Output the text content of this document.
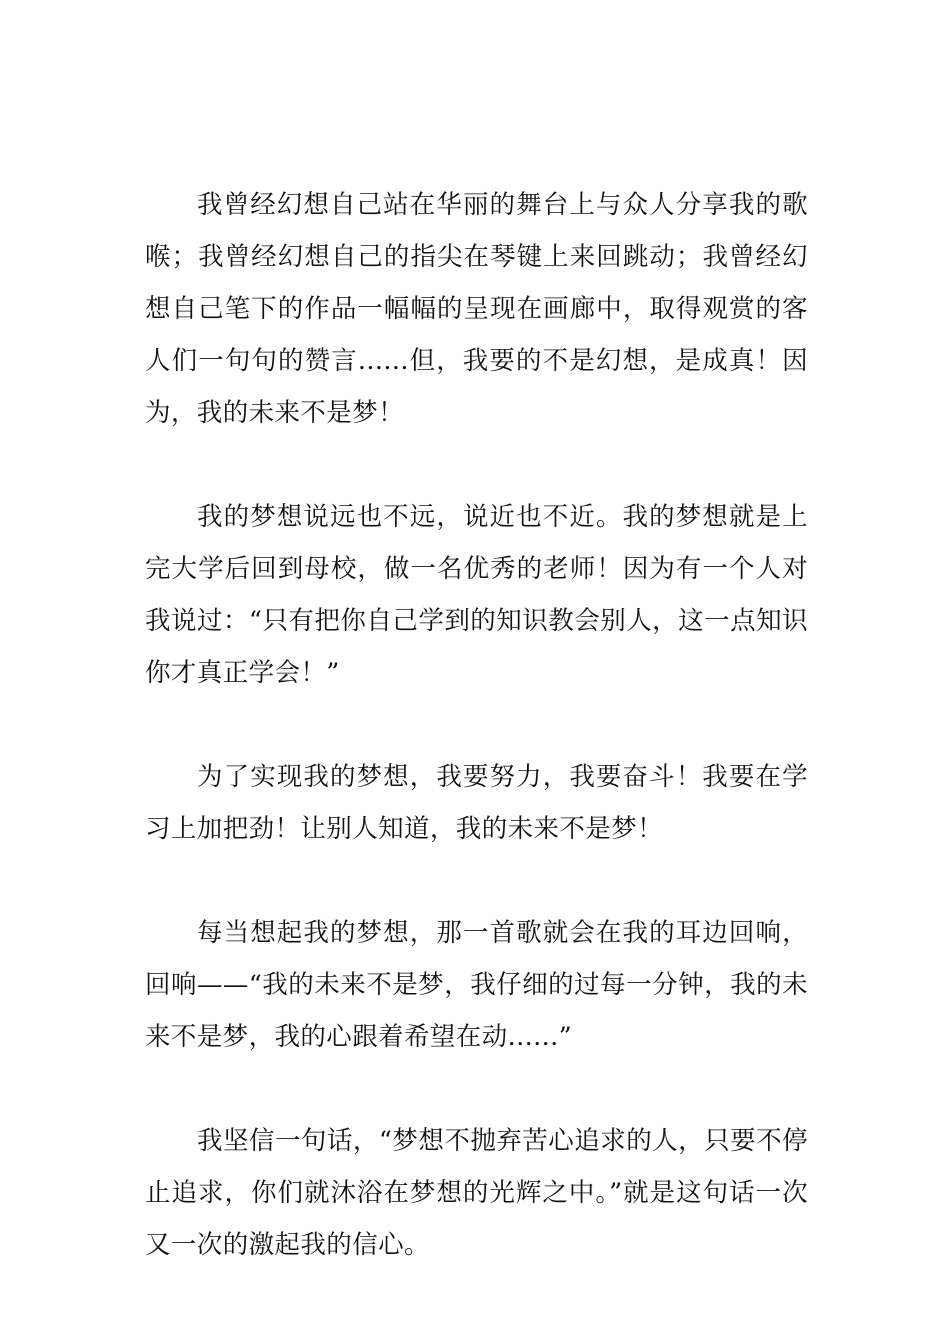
我曾经幻想自己站在华丽的舞台上与众人分享我的歌喉；我曾经幻想自己的指尖在琴键上来回跳动；我曾经幻想自己笔下的作品一幅幅的呈现在画廊中，取得观赏的客人们一句句的赞言......但，我要的不是幻想，是成真！因为，我的未来不是梦！

我的梦想说远也不远，说近也不近。我的梦想就是上完大学后回到母校，做一名优秀的老师！因为有一个人对我说过：“只有把你自己学到的知识教会别人，这一点知识你才真正学会！”

为了实现我的梦想，我要努力，我要奋斗！我要在学习上加把劲！让别人知道，我的未来不是梦！

每当想起我的梦想，那一首歌就会在我的耳边回响，回响——“我的未来不是梦，我仔细的过每一分钟，我的未来不是梦，我的心跟着希望在动......”

我坚信一句话，“梦想不抛弃苦心追求的人，只要不停止追求，你们就沐浴在梦想的光辉之中。”就是这句话一次又一次的激起我的信心。
